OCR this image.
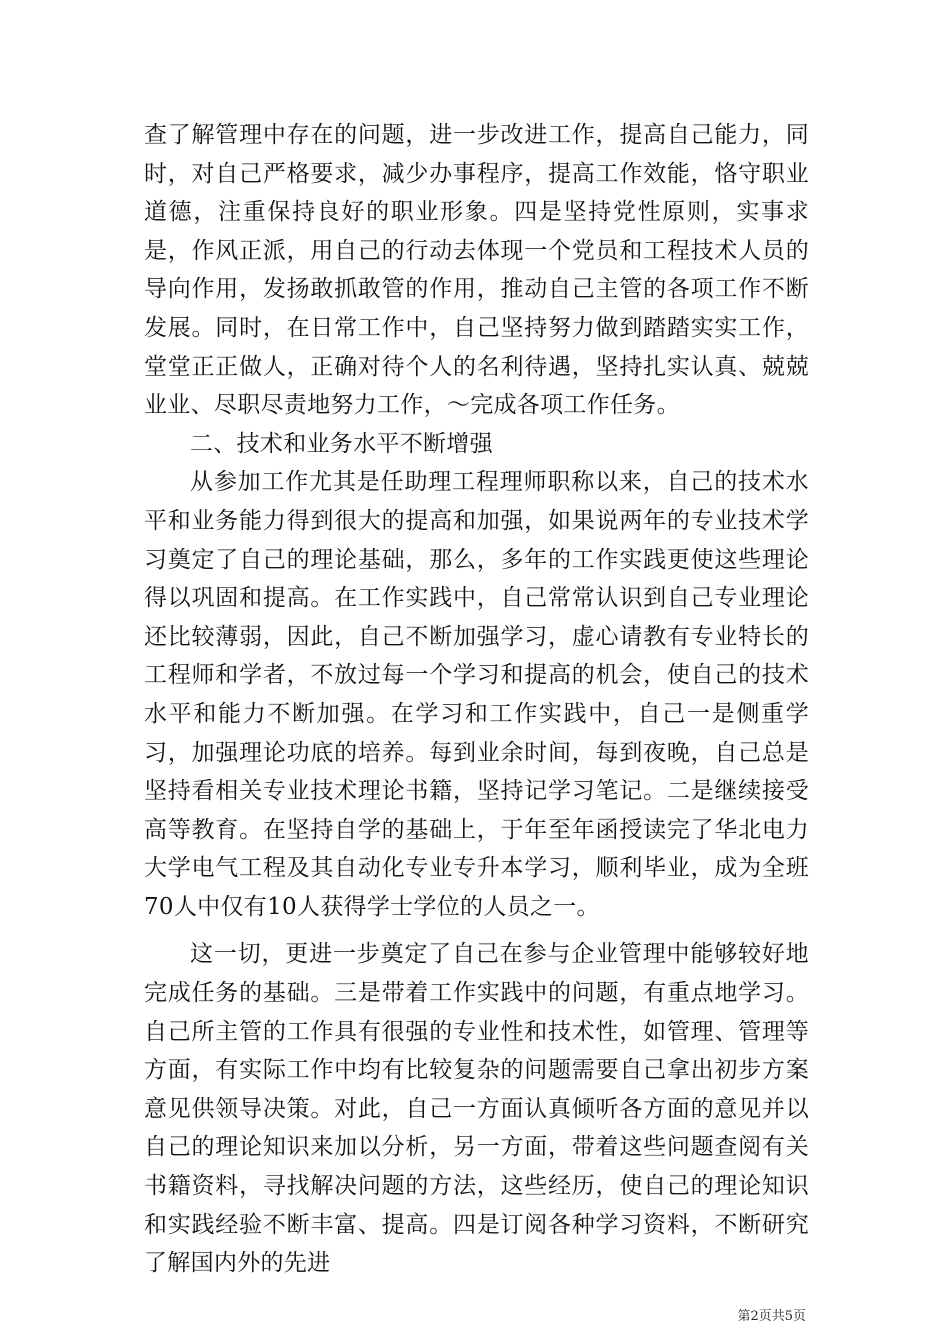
查了解管理中存在的问题，进一步改进工作，提高自己能力，同时，对自己严格要求，减少办事程序，提高工作效能，恪守职业道德，注重保持良好的职业形象。四是坚持党性原则，实事求是，作风正派，用自己的行动去体现一个党员和工程技术人员的导向作用，发扬敢抓敢管的作用，推动自己主管的各项工作不断发展。同时，在日常工作中，自己坚持努力做到踏踏实实工作，堂堂正正做人，正确对待个人的名利待遇，坚持扎实认真、兢兢业业、尽职尽责地努力工作，～完成各项工作任务。

二、技术和业务水平不断增强

从参加工作尤其是任助理工程理师职称以来，自己的技术水平和业务能力得到很大的提高和加强，如果说两年的专业技术学习奠定了自己的理论基础，那么，多年的工作实践更使这些理论得以巩固和提高。在工作实践中，自己常常认识到自己专业理论还比较薄弱，因此，自己不断加强学习，虚心请教有专业特长的工程师和学者，不放过每一个学习和提高的机会，使自己的技术水平和能力不断加强。在学习和工作实践中，自己一是侧重学习，加强理论功底的培养。每到业余时间，每到夜晚，自己总是坚持看相关专业技术理论书籍，坚持记学习笔记。二是继续接受高等教育。在坚持自学的基础上，于年至年函授读完了华北电力大学电气工程及其自动化专业专升本学习，顺利毕业，成为全班70人中仅有10人获得学士学位的人员之一。

这一切，更进一步奠定了自己在参与企业管理中能够较好地完成任务的基础。三是带着工作实践中的问题，有重点地学习。自己所主管的工作具有很强的专业性和技术性，如管理、管理等方面，有实际工作中均有比较复杂的问题需要自己拿出初步方案意见供领导决策。对此，自己一方面认真倾听各方面的意见并以自己的理论知识来加以分析，另一方面，带着这些问题查阅有关书籍资料，寻找解决问题的方法，这些经历，使自己的理论知识和实践经验不断丰富、提高。四是订阅各种学习资料，不断研究了解国内外的先进

第2页共5页
